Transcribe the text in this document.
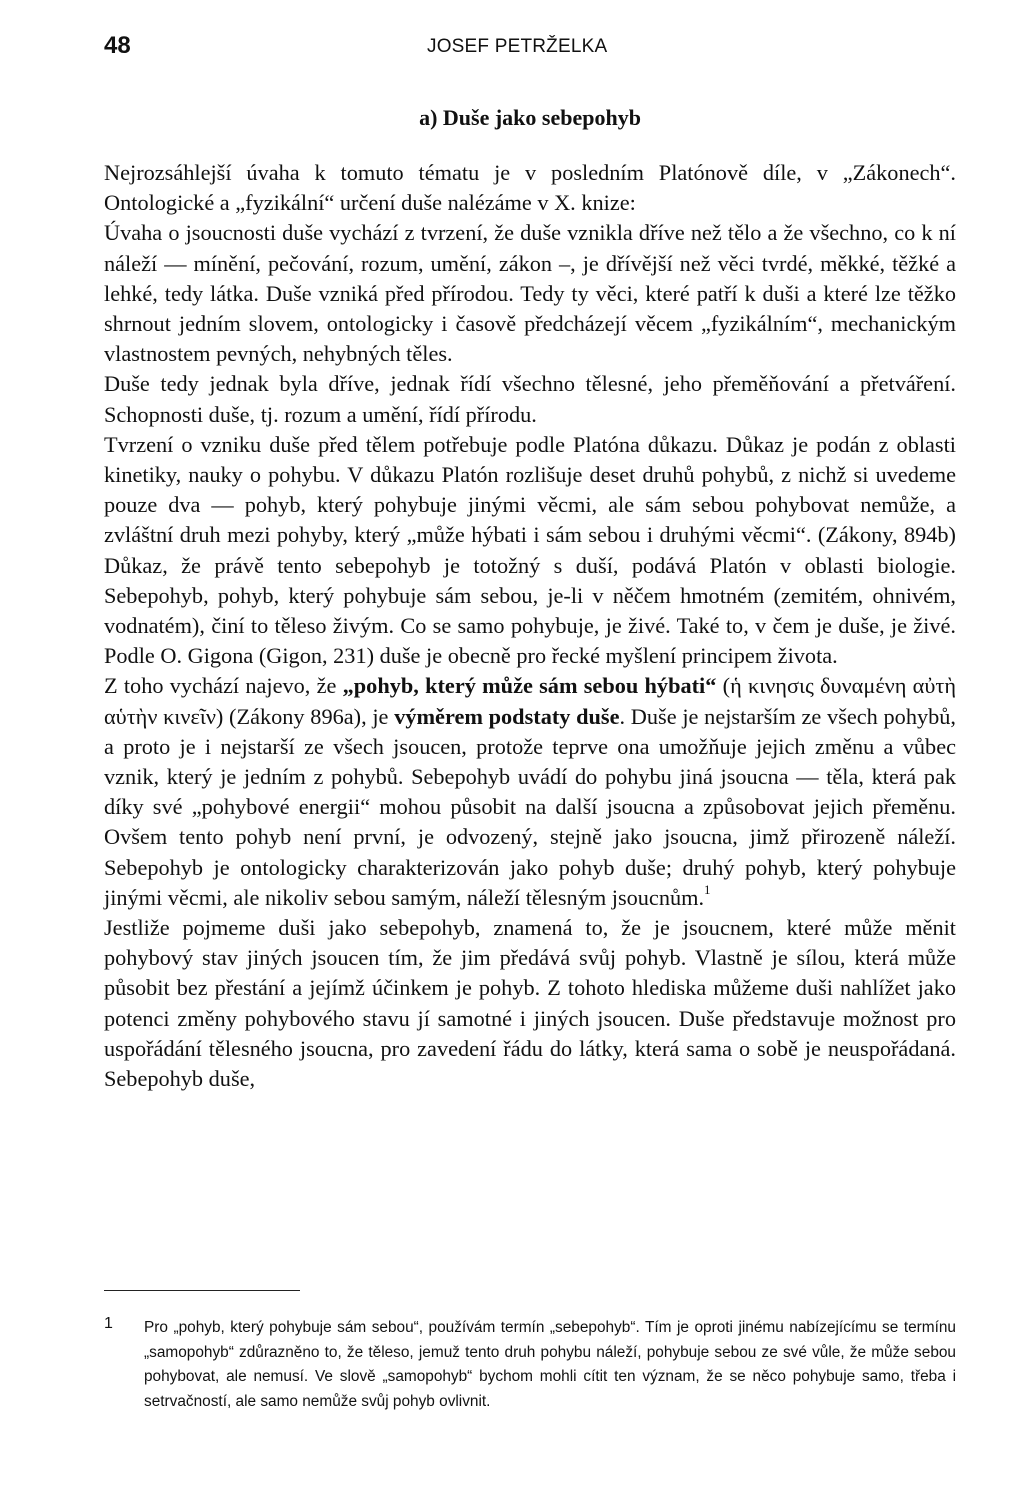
48	JOSEF PETRŽELKA
a) Duše jako sebepohyb

Nejrozsáhlejší úvaha k tomuto tématu je v posledním Platónově díle, v „Zákonech“. Ontologické a „fyzikální“ určení duše nalézáme v X. knize:

Úvaha o jsoucnosti duše vychází z tvrzení, že duše vznikla dříve než tělo a že všechno, co k ní náleží — mínění, pečování, rozum, umění, zákon –, je dřívější než věci tvrdé, měkké, těžké a lehké, tedy látka. Duše vzniká před přírodou. Tedy ty věci, které patří k duši a které lze těžko shrnout jedním slovem, ontologicky i časově předcházejí věcem „fyzikálním“, mechanickým vlastnostem pevných, nehybných těles.

Duše tedy jednak byla dříve, jednak řídí všechno tělesné, jeho přeměňování a přetváření. Schopnosti duše, tj. rozum a umění, řídí přírodu.

Tvrzení o vzniku duše před tělem potřebuje podle Platóna důkazu. Důkaz je podán z oblasti kinetiky, nauky o pohybu. V důkazu Platón rozlišuje deset druhů pohybů, z nichž si uvedeme pouze dva — pohyb, který pohybuje jinými věcmi, ale sám sebou pohybovat nemůže, a zvláštní druh mezi pohyby, který „může hýbati i sám sebou i druhými věcmi“. (Zákony, 894b) Důkaz, že právě tento sebepohyb je totožný s duší, podává Platón v oblasti biologie. Sebepohyb, pohyb, který pohybuje sám sebou, je-li v něčem hmotném (zemitém, ohnivém, vodnatém), činí to těleso živým. Co se samo pohybuje, je živé. Také to, v čem je duše, je živé. Podle O. Gigona (Gigon, 231) duše je obecně pro řecké myšlení principem života.

Z toho vychází najevo, že „pohyb, který může sám sebou hýbati“ (ἡ κινησις δυναμένη αὐτὴ αὑτὴν κινεῖν) (Zákony 896a), je výměrem podstaty duše. Duše je nejstarším ze všech pohybů, a proto je i nejstarší ze všech jsoucen, protože teprve ona umožňuje jejich změnu a vůbec vznik, který je jedním z pohybů. Sebepohyb uvádí do pohybu jiná jsoucna — těla, která pak díky své „pohybové energii“ mohou působit na další jsoucna a způsobovat jejich přeměnu. Ovšem tento pohyb není první, je odvozený, stejně jako jsoucna, jimž přirozeně náleží. Sebepohyb je ontologicky charakterizován jako pohyb duše; druhý pohyb, který pohybuje jinými věcmi, ale nikoliv sebou samým, náleží tělesným jsoucnům.$^1$

Jestliže pojmeme duši jako sebepohyb, znamená to, že je jsoucnem, které může měnit pohybový stav jiných jsoucen tím, že jim předává svůj pohyb. Vlastně je sílou, která může působit bez přestání a jejímž účinkem je pohyb. Z tohoto hlediska můžeme duši nahlížet jako potenci změny pohybového stavu jí samotné i jiných jsoucen. Duše představuje možnost pro uspořádání tělesného jsoucna, pro zavedení řádu do látky, která sama o sobě je neuspořádaná. Sebepohyb duše,

1 Pro „pohyb, který pohybuje sám sebou“, používám termín „sebepohyb“. Tím je oproti jinému nabízejícímu se termínu „samopohyb“ zdůrazněno to, že těleso, jemuž tento druh pohybu náleží, pohybuje sebou ze své vůle, že může sebou pohybovat, ale nemusí. Ve slově „samopohyb“ bychom mohli cítit ten význam, že se něco pohybuje samo, třeba i setrvačností, ale samo nemůže svůj pohyb ovlivnit.
